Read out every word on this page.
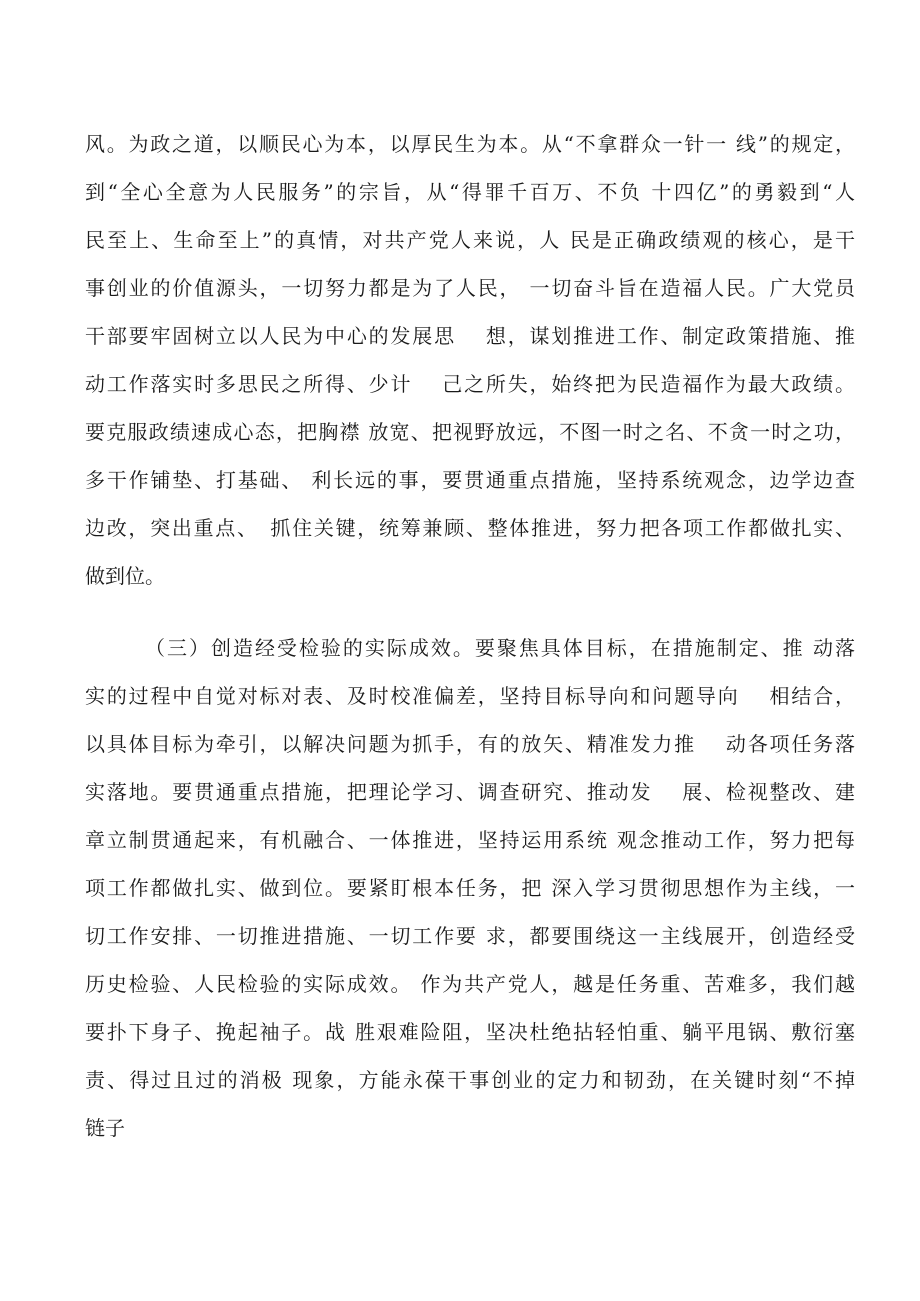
风。为政之道，以顺民心为本，以厚民生为本。从“不拿群众一针一 线”的规定，
到“全心全意为人民服务”的宗旨，从“得罪千百万、不负 十四亿”的勇毅到“人
民至上、生命至上”的真情，对共产党人来说，人 民是正确政绩观的核心，是干
事创业的价值源头，一切努力都是为了人民， 一切奋斗旨在造福人民。广大党员
干部要牢固树立以人民为中心的发展思　 想，谋划推进工作、制定政策措施、推
动工作落实时多思民之所得、少计　 己之所失，始终把为民造福作为最大政绩。
要克服政绩速成心态，把胸襟 放宽、把视野放远，不图一时之名、不贪一时之功，
多干作铺垫、打基础、 利长远的事，要贯通重点措施，坚持系统观念，边学边查
边改，突出重点、　抓住关键，统筹兼顾、整体推进，努力把各项工作都做扎实、
做到位。
（三）创造经受检验的实际成效。要聚焦具体目标，在措施制定、推 动落
实的过程中自觉对标对表、及时校准偏差，坚持目标导向和问题导向　 相结合，
以具体目标为牵引，以解决问题为抓手，有的放矢、精准发力推　 动各项任务落
实落地。要贯通重点措施，把理论学习、调查研究、推动发　 展、检视整改、建
章立制贯通起来，有机融合、一体推进，坚持运用系统 观念推动工作，努力把每
项工作都做扎实、做到位。要紧盯根本任务，把 深入学习贯彻思想作为主线，一
切工作安排、一切推进措施、一切工作要 求，都要围绕这一主线展开，创造经受
历史检验、人民检验的实际成效。 作为共产党人，越是任务重、苦难多，我们越
要扑下身子、挽起袖子。战 胜艰难险阻，坚决杜绝拈轻怕重、躺平甩锅、敷衍塞
责、得过且过的消极 现象，方能永葆干事创业的定力和韧劲，在关键时刻“不掉
链子
